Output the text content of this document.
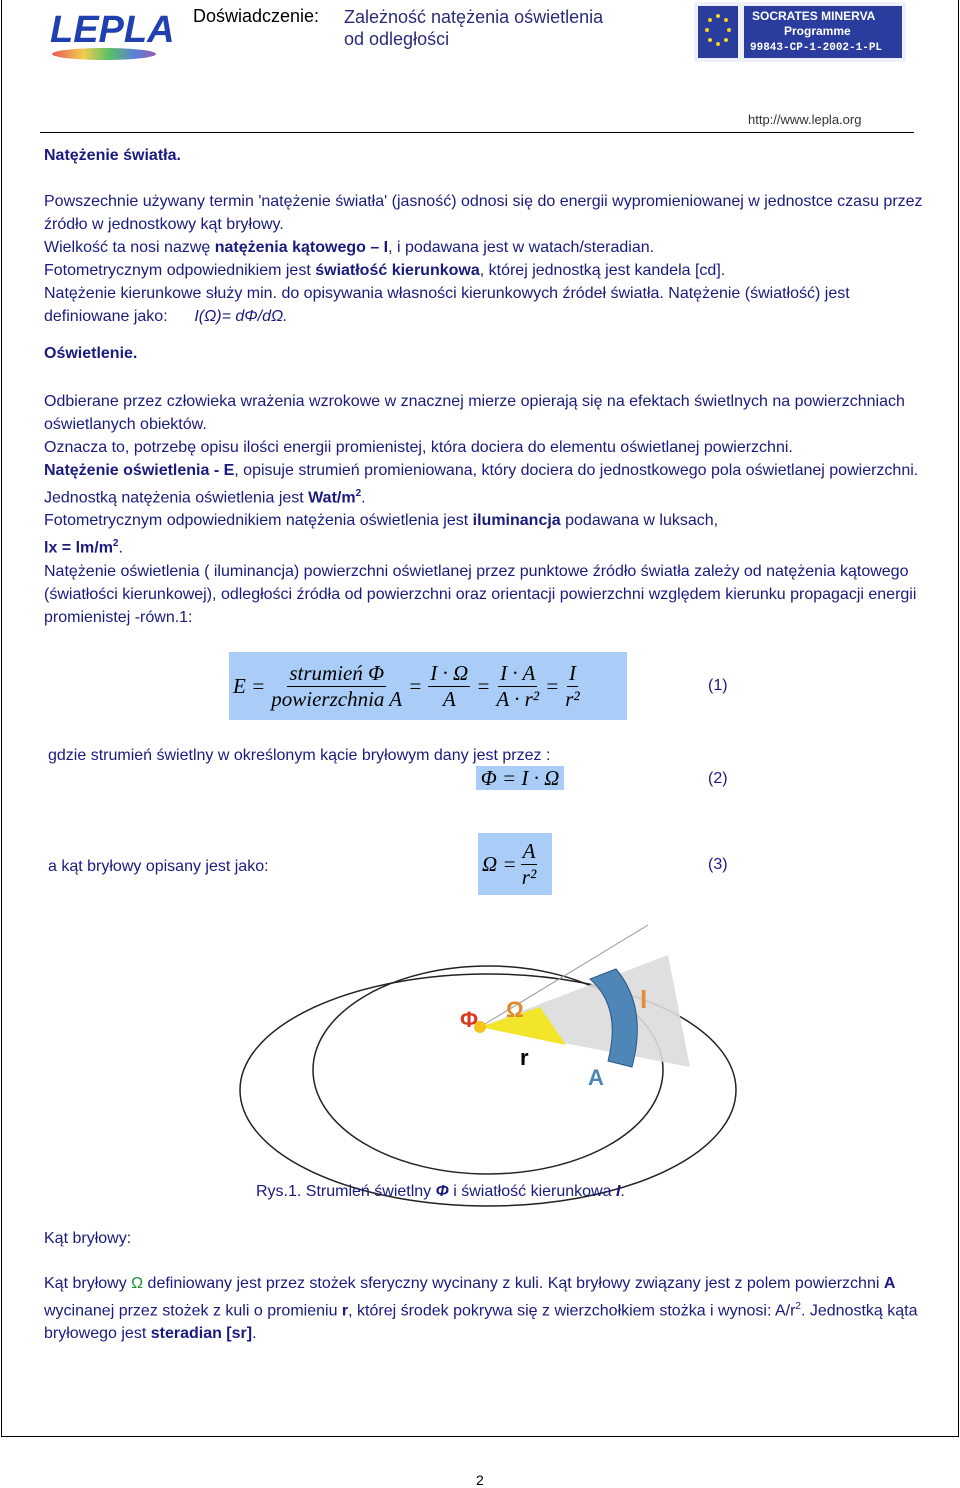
LEPLA Doświadczenie: Zależność natężenia oświetlenia
od odległości
SOCRATES MINERVA
Programme
99843-CP-1-2002-1-PL
http://www.lepla.org
Natężenie światła.
Powszechnie używany termin 'natężenie światła' (jasność) odnosi się do energii wypromieniowanej w jednostce czasu przez źródło w jednostkowy kąt bryłowy.
Wielkość ta nosi nazwę natężenia kątowego – I, i podawana jest w watach/steradian.
Fotometrycznym odpowiednikiem jest światłość kierunkowa, której jednostką jest kandela [cd].
Natężenie kierunkowe służy min. do opisywania własności kierunkowych źródeł światła. Natężenie (światłość) jest definiowane jako: I(Ω)= dΦ/dΩ.
Oświetlenie.
Odbierane przez człowieka wrażenia wzrokowe w znacznej mierze opierają się na efektach świetlnych na powierzchniach oświetlanych obiektów.
Oznacza to, potrzebę opisu ilości energii promienistej, która dociera do elementu oświetlanej powierzchni.
Natężenie oświetlenia - E, opisuje strumień promieniowana, który dociera do jednostkowego pola oświetlanej powierzchni. Jednostką natężenia oświetlenia jest Wat/$m^2$.
Fotometrycznym odpowiednikiem natężenia oświetlenia jest iluminancja podawana w luksach,
lx = $lm/m^2$.
Natężenie oświetlenia ( iluminancja) powierzchni oświetlanej przez punktowe źródło światła zależy od natężenia kątowego (światłości kierunkowej), odległości źródła od powierzchni oraz orientacji powierzchni względem kierunku propagacji energii promienistej -równ.1:
$E = \frac{\text{strumień Φ}}{\text{powierzchnia A}} = \frac{I \cdot \Omega}{A} = \frac{I \cdot A}{\text{A · r²}} = \frac{I}{\text{r²}}$	(1)
gdzie strumień świetlny w określonym kącie bryłowym dany jest przez :
Φ = I · Ω	(2)
a kąt bryłowy opisany jest jako:	$\Omega = \frac{A}{\text{r²}}$	(3)
Φ Ω	I
r
A
Rys.1. Strumień świetlny Φ i światłość kierunkowa I.
Kąt bryłowy:
Kąt bryłowy Ω definiowany jest przez stożek sferyczny wycinany z kuli. Kąt bryłowy związany jest z polem powierzchni A wycinanej przez stożek z kuli o promieniu r, której środek pokrywa się z wierzchołkiem stożka i wynosi: $A/r^2$. Jednostką kąta bryłowego jest steradian [sr].
2
